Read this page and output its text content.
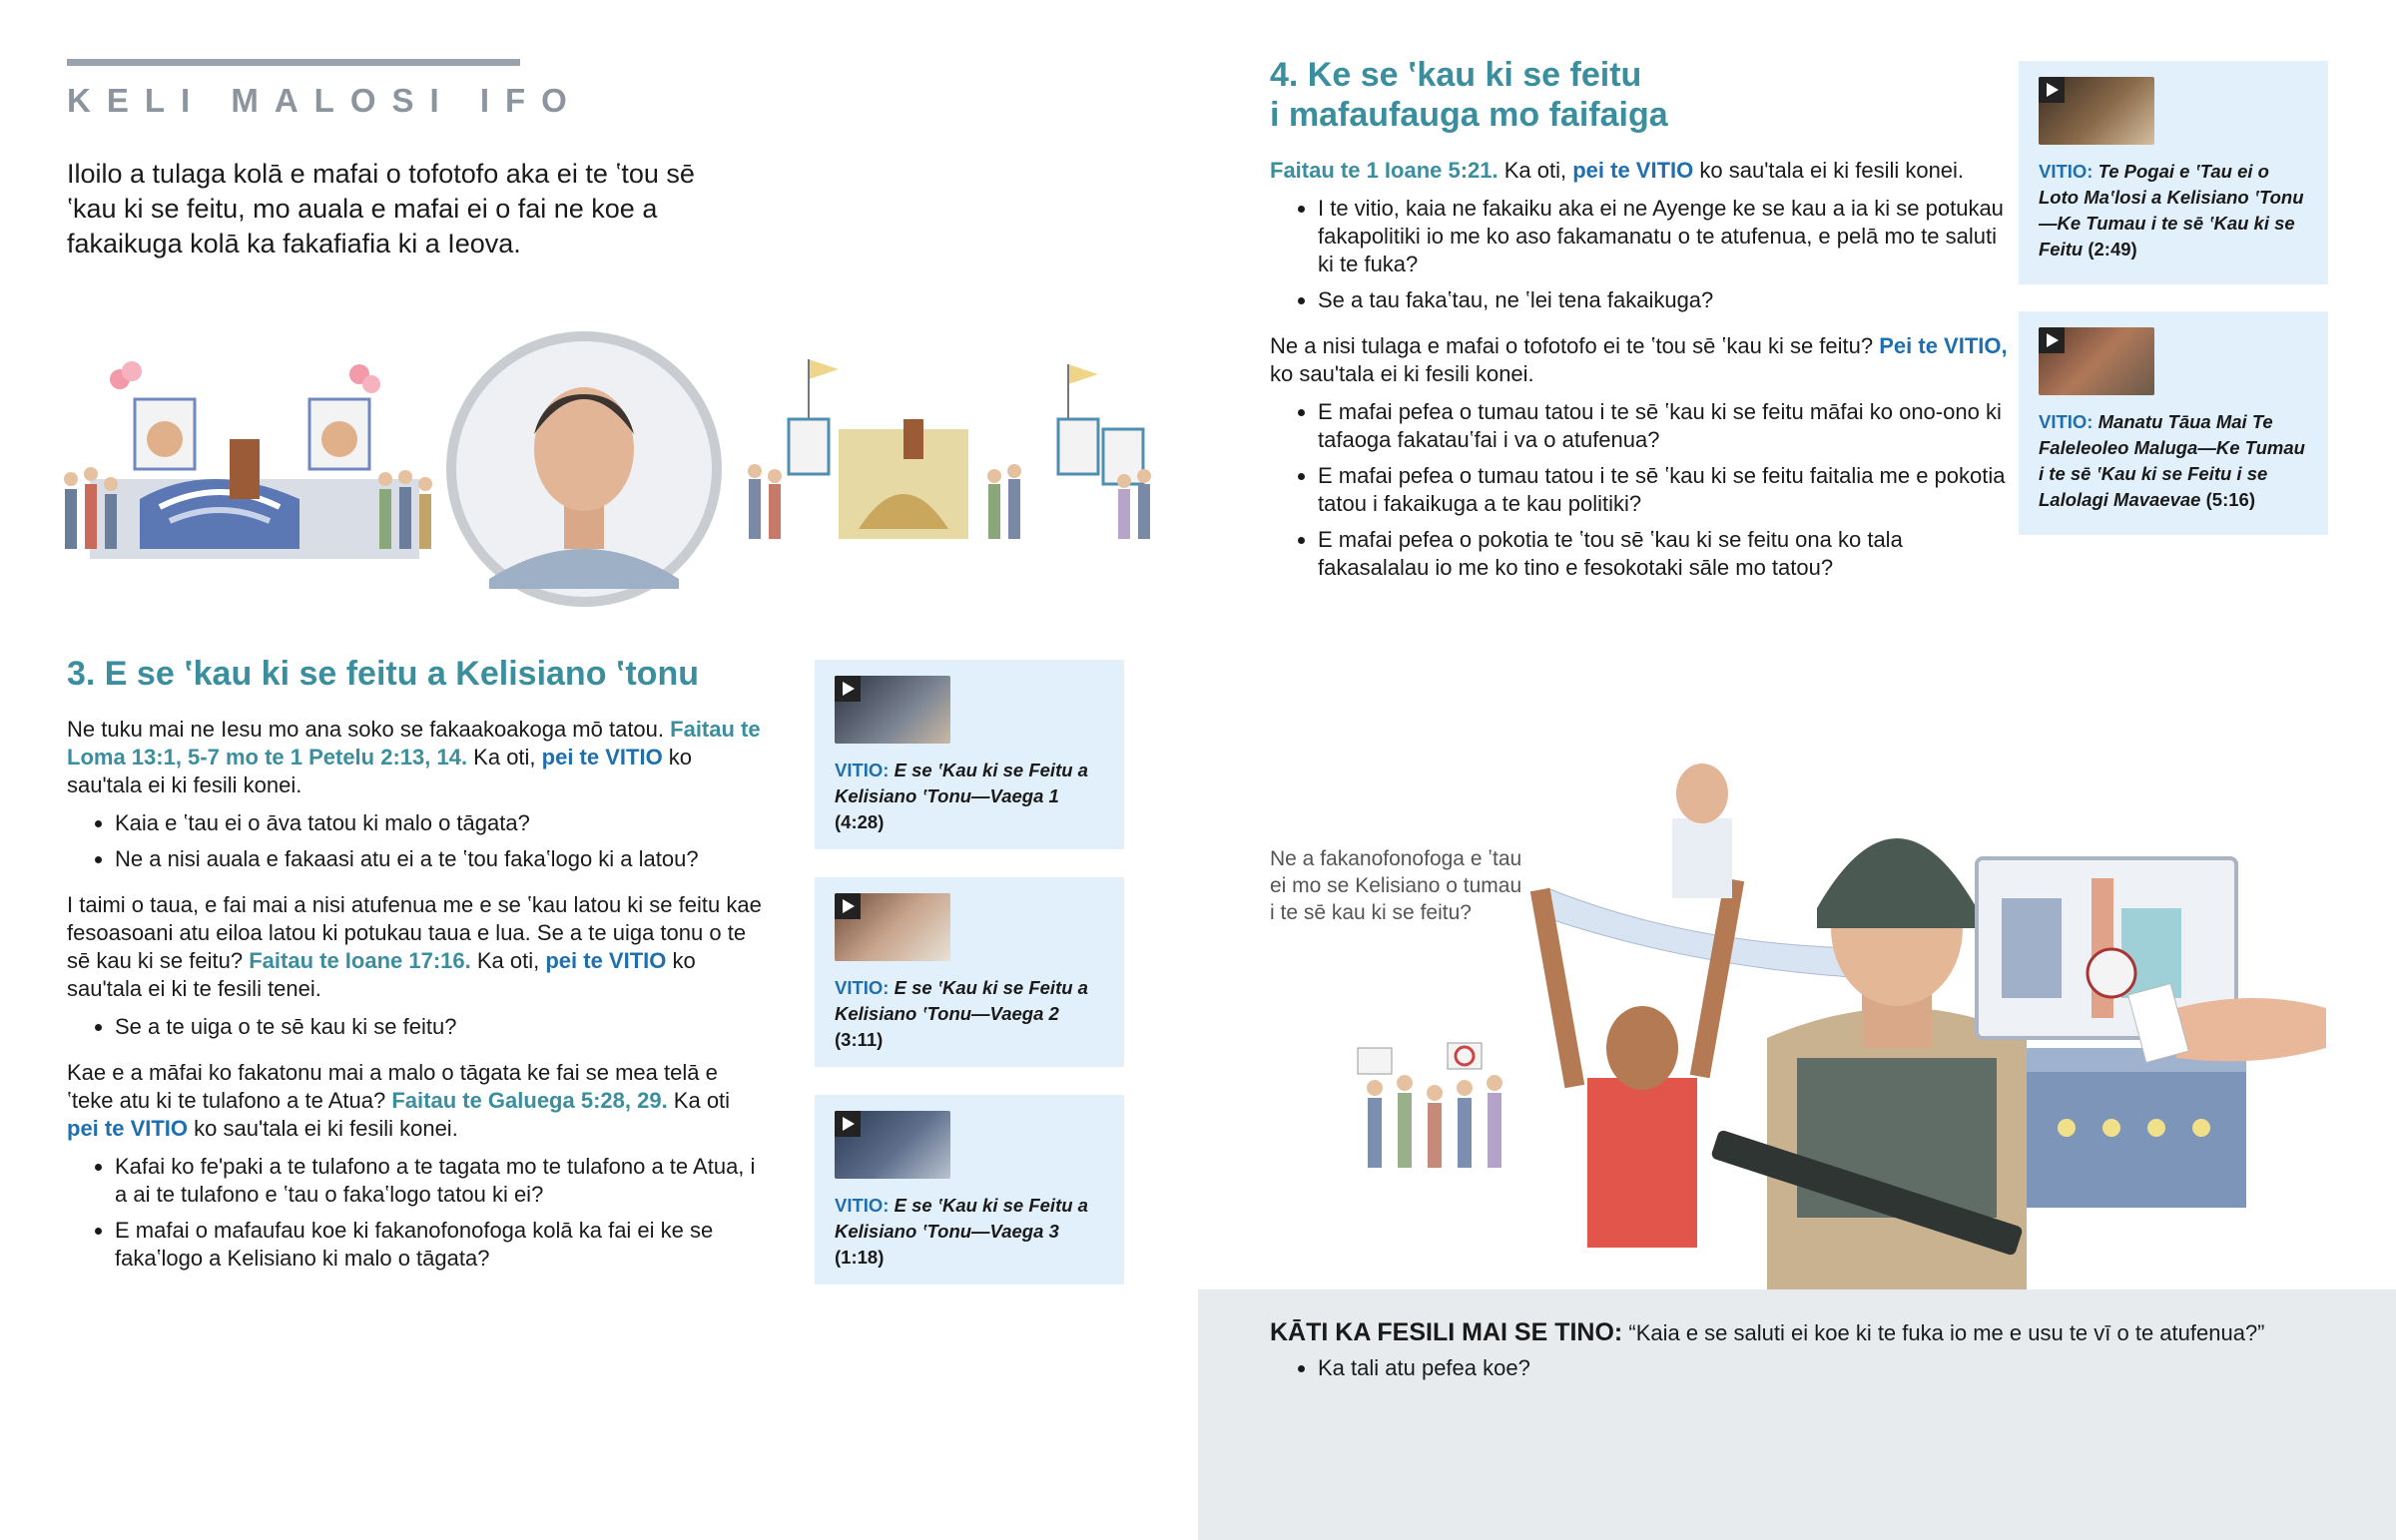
KELI MALOSI IFO
Iloilo a tulaga kolā e mafai o tofotofo aka ei te ʽtou sē ʽkau ki se feitu, mo auala e mafai ei o fai ne koe a fakaikuga kolā ka fakafiafia ki a Ieova.
3. E se ʽkau ki se feitu a Kelisiano ʽtonu

Ne tuku mai ne Iesu mo ana soko se fakaakoakoga mō tatou. Faitau te Loma 13:1, 5-7 mo te 1 Petelu 2:13, 14. Ka oti, pei te VITIO ko sau'tala ei ki fesili konei.

• Kaia e ʽtau ei o āva tatou ki malo o tāgata?
• Ne a nisi auala e fakaasi atu ei a te ʽtou fakaʽlogo ki a latou?

I taimi o taua, e fai mai a nisi atufenua me e se ʽkau latou ki se feitu kae fesoasoani atu eiloa latou ki potukau taua e lua. Se a te uiga tonu o te sē kau ki se feitu? Faitau te Ioane 17:16. Ka oti, pei te VITIO ko sau'tala ei ki te fesili tenei.

• Se a te uiga o te sē kau ki se feitu?

Kae e a māfai ko fakatonu mai a malo o tāgata ke fai se mea telā e ʽteke atu ki te tulafono a te Atua? Faitau te Galuega 5:28, 29. Ka oti pei te VITIO ko sau'tala ei ki fesili konei.

• Kafai ko fe'paki a te tulafono a te tagata mo te tulafono a te Atua, i a ai te tulafono e ʽtau o fakaʽlogo tatou ki ei?
• E mafai o mafaufau koe ki fakanofonofoga kolā ka fai ei ke se fakaʽlogo a Kelisiano ki malo o tāgata?
VITIO: E se ʽKau ki se Feitu a Kelisiano ʽTonu—Vaega 1 (4:28)
VITIO: E se ʽKau ki se Feitu a Kelisiano ʽTonu—Vaega 2 (3:11)
VITIO: E se ʽKau ki se Feitu a Kelisiano ʽTonu—Vaega 3 (1:18)
4. Ke se ʽkau ki se feitu
i mafaufauga mo faifaiga

Faitau te 1 Ioane 5:21. Ka oti, pei te VITIO ko sau'tala ei ki fesili konei.

• I te vitio, kaia ne fakaiku aka ei ne Ayenge ke se kau a ia ki se potukau fakapolitiki io me ko aso fakamanatu o te atufenua, e pelā mo te saluti ki te fuka?
• Se a tau fakaʽtau, ne ʽlei tena fakaikuga?

Ne a nisi tulaga e mafai o tofotofo ei te ʽtou sē ʽkau ki se feitu? Pei te VITIO, ko sau'tala ei ki fesili konei.

• E mafai pefea o tumau tatou i te sē ʽkau ki se feitu māfai ko ono-ono ki tafaoga fakatauʽfai i va o atufenua?
• E mafai pefea o tumau tatou i te sē ʽkau ki se feitu faitalia me e pokotia tatou i fakaikuga a te kau politiki?
• E mafai pefea o pokotia te ʽtou sē ʽkau ki se feitu ona ko tala fakasalalau io me ko tino e fesokotaki sāle mo tatou?
VITIO: Te Pogai e ʽTau ei o Loto Maʽlosi a Kelisiano ʽTonu—Ke Tumau i te sē ʽKau ki se Feitu (2:49)
VITIO: Manatu Tāua Mai Te Faleleoleo Maluga—Ke Tumau i te sē ʽKau ki se Feitu i se Lalolagi Mavaevae (5:16)
Ne a fakanofonofoga e ʽtau ei mo se Kelisiano o tumau i te sē kau ki se feitu?
KĀTI KA FESILI MAI SE TINO: “Kaia e se saluti ei koe ki te fuka io me e usu te vī o te atufenua?”
• Ka tali atu pefea koe?
